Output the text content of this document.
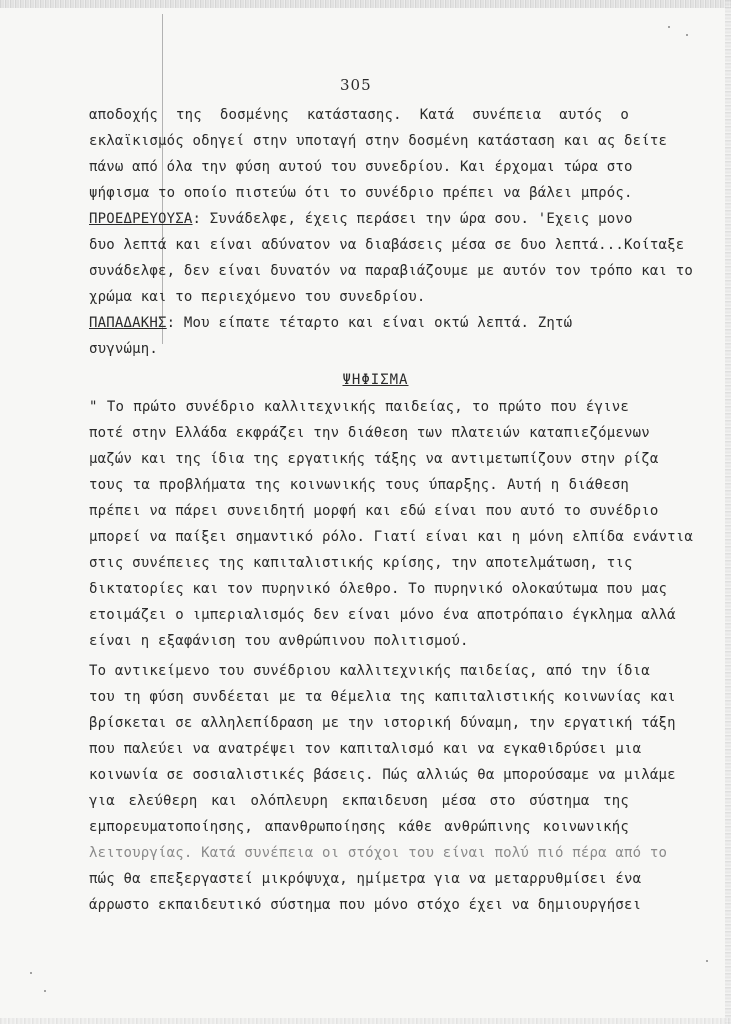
305
αποδοχής της δοσμένης κατάστασης. Κατά συνέπεια αυτός ο
εκλαϊκισμός οδηγεί στην υποταγή στην δοσμένη κατάσταση και ας δείτε
πάνω από όλα την φύση αυτού του συνεδρίου. Και έρχομαι τώρα στο
ψήφισμα το οποίο πιστεύω ότι το συνέδριο πρέπει να βάλει μπρός.
ΠΡΟΕΔΡΕΥΟΥΣΑ: Συνάδελφε, έχεις περάσει την ώρα σου. 'Εχεις μονο
δυο λεπτά και είναι αδύνατον να διαβάσεις μέσα σε δυο λεπτά...Κοίταξε
συνάδελφε, δεν είναι δυνατόν να παραβιάζουμε με αυτόν τον τρόπο και το
χρώμα και το περιεχόμενο του συνεδρίου.
ΠΑΠΑΔΑΚΗΣ: Μου είπατε τέταρτο και είναι οκτώ λεπτά. Ζητώ
συγνώμη.
ΨΗΦΙΣΜΑ
" Το πρώτο συνέδριο καλλιτεχνικής παιδείας, το πρώτο που έγινε
ποτέ στην Ελλάδα εκφράζει την διάθεση των πλατειών καταπιεζόμενων
μαζών και της ίδια της εργατικής τάξης να αντιμετωπίζουν στην ρίζα
τους τα προβλήματα της κοινωνικής τους ύπαρξης. Αυτή η διάθεση
πρέπει να πάρει συνειδητή μορφή και εδώ είναι που αυτό το συνέδριο
μπορεί να παίξει σημαντικό ρόλο. Γιατί είναι και η μόνη ελπίδα ενάντια
στις συνέπειες της καπιταλιστικής κρίσης, την αποτελμάτωση, τις
δικτατορίες και τον πυρηνικό όλεθρο. Το πυρηνικό ολοκαύτωμα που μας
ετοιμάζει ο ιμπεριαλισμός δεν είναι μόνο ένα αποτρόπαιο έγκλημα αλλά
είναι η εξαφάνιση του ανθρώπινου πολιτισμού.
Το αντικείμενο του συνέδριου καλλιτεχνικής παιδείας, από την ίδια
του τη φύση συνδέεται με τα θέμελια της καπιταλιστικής κοινωνίας και
βρίσκεται σε αλληλεπίδραση με την ιστορική δύναμη, την εργατική τάξη
που παλεύει να ανατρέψει τον καπιταλισμό και να εγκαθιδρύσει μια
κοινωνία σε σοσιαλιστικές βάσεις. Πώς αλλιώς θα μπορούσαμε να μιλάμε
για ελεύθερη και ολόπλευρη εκπαιδευση μέσα στο σύστημα της
εμπορευματοποίησης, απανθρωποίησης κάθε ανθρώπινης κοινωνικής
λειτουργίας. Κατά συνέπεια οι στόχοι του είναι πολύ πιό πέρα από το
πώς θα επεξεργαστεί μικρόψυχα, ημίμετρα για να μεταρρυθμίσει ένα
άρρωστο εκπαιδευτικό σύστημα που μόνο στόχο έχει να δημιουργήσει
